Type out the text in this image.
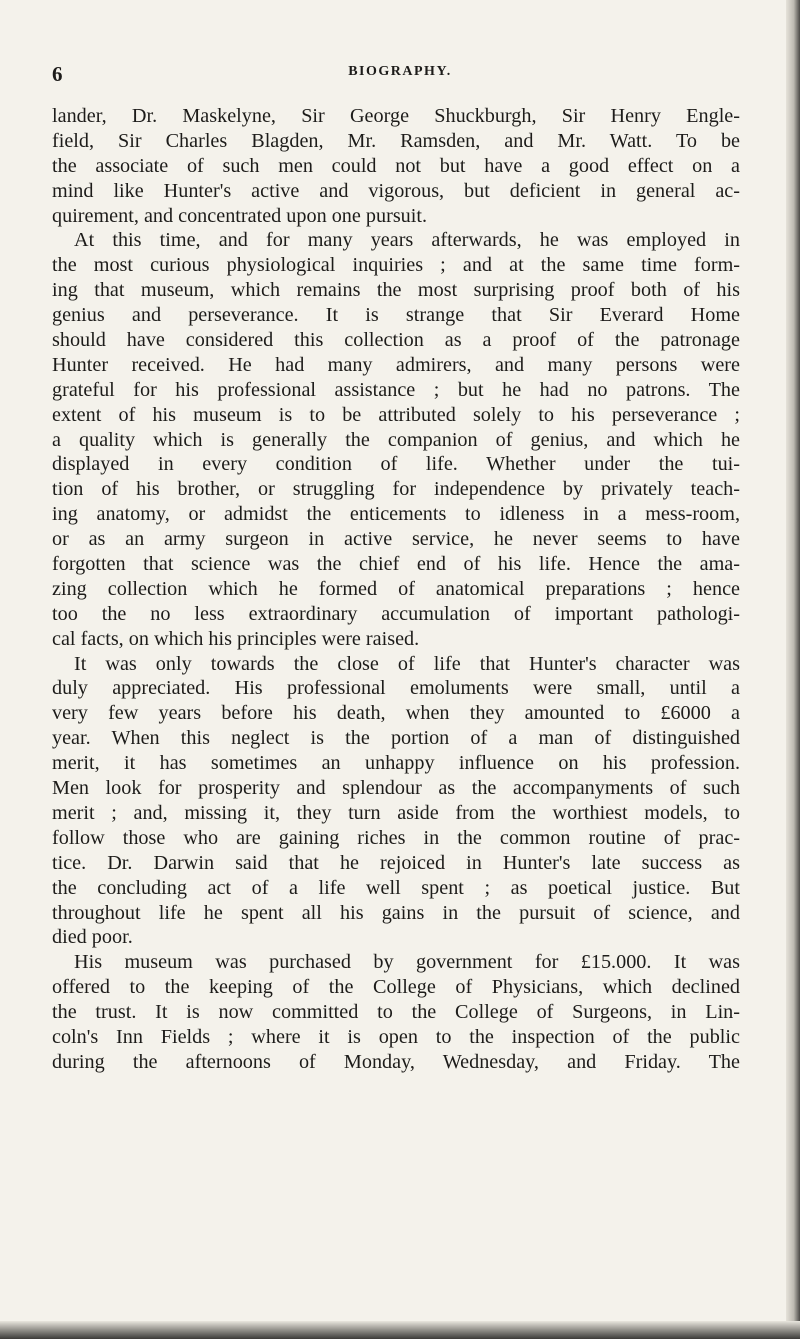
6	BIOGRAPHY.

lander, Dr. Maskelyne, Sir George Shuckburgh, Sir Henry Engle-
field, Sir Charles Blagden, Mr. Ramsden, and Mr. Watt. To be
the associate of such men could not but have a good effect on a
mind like Hunter's active and vigorous, but deficient in general ac-
quirement, and concentrated upon one pursuit.
At this time, and for many years afterwards, he was employed in
the most curious physiological inquiries ; and at the same time form-
ing that museum, which remains the most surprising proof both of his
genius and perseverance. It is strange that Sir Everard Home
should have considered this collection as a proof of the patronage
Hunter received. He had many admirers, and many persons were
grateful for his professional assistance ; but he had no patrons. The
extent of his museum is to be attributed solely to his perseverance ;
a quality which is generally the companion of genius, and which he
displayed in every condition of life. Whether under the tui-
tion of his brother, or struggling for independence by privately teach-
ing anatomy, or admidst the enticements to idleness in a mess-room,
or as an army surgeon in active service, he never seems to have
forgotten that science was the chief end of his life. Hence the ama-
zing collection which he formed of anatomical preparations ; hence
too the no less extraordinary accumulation of important pathologi-
cal facts, on which his principles were raised.
It was only towards the close of life that Hunter's character was
duly appreciated. His professional emoluments were small, until a
very few years before his death, when they amounted to £6000 a
year. When this neglect is the portion of a man of distinguished
merit, it has sometimes an unhappy influence on his profession.
Men look for prosperity and splendour as the accompanyments of such
merit ; and, missing it, they turn aside from the worthiest models, to
follow those who are gaining riches in the common routine of prac-
tice. Dr. Darwin said that he rejoiced in Hunter's late success as
the concluding act of a life well spent ; as poetical justice. But
throughout life he spent all his gains in the pursuit of science, and
died poor.
His museum was purchased by government for £15.000. It was
offered to the keeping of the College of Physicians, which declined
the trust. It is now committed to the College of Surgeons, in Lin-
coln's Inn Fields ; where it is open to the inspection of the public
during the afternoons of Monday, Wednesday, and Friday. The
